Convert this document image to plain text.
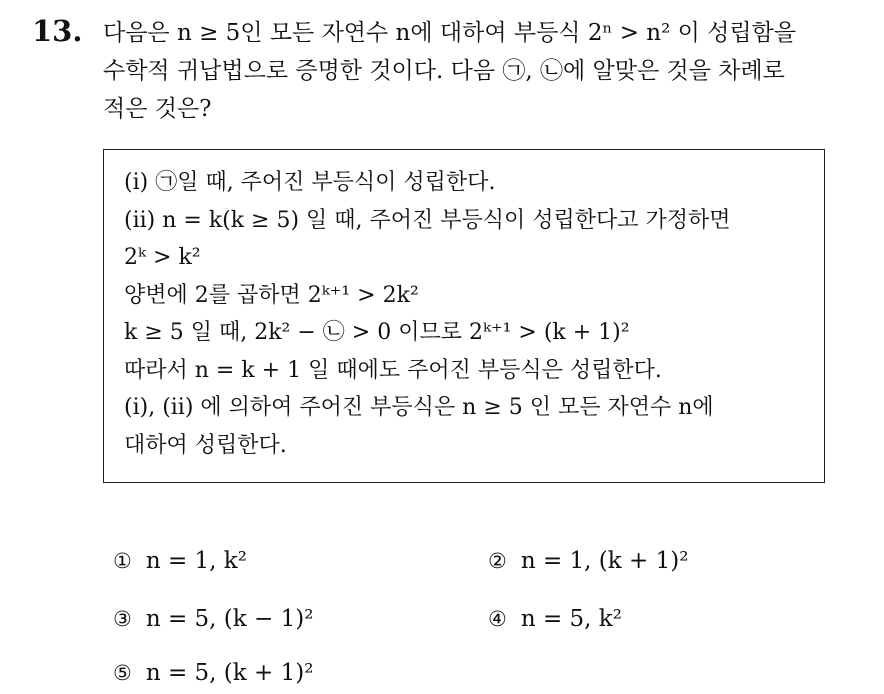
13. 다음은 n ≥ 5인 모든 자연수 n에 대하여 부등식 2ⁿ > n² 이 성립함을
수학적 귀납법으로 증명한 것이다. 다음 ㉠, ㉡에 알맞은 것을 차례로
적은 것은?
(i) ㉠일 때, 주어진 부등식이 성립한다.
(ii) n = k(k ≥ 5) 일 때, 주어진 부등식이 성립한다고 가정하면
2ᵏ > k²
양변에 2를 곱하면 2ᵏ⁺¹ > 2k²
k ≥ 5 일 때, 2k² − ㉡ > 0 이므로 2ᵏ⁺¹ > (k + 1)²
따라서 n = k + 1 일 때에도 주어진 부등식은 성립한다.
(i), (ii) 에 의하여 주어진 부등식은 n ≥ 5 인 모든 자연수 n에
대하여 성립한다.
① n = 1, k²	② n = 1, (k + 1)²
③ n = 5, (k − 1)²	④ n = 5, k²
⑤ n = 5, (k + 1)²
